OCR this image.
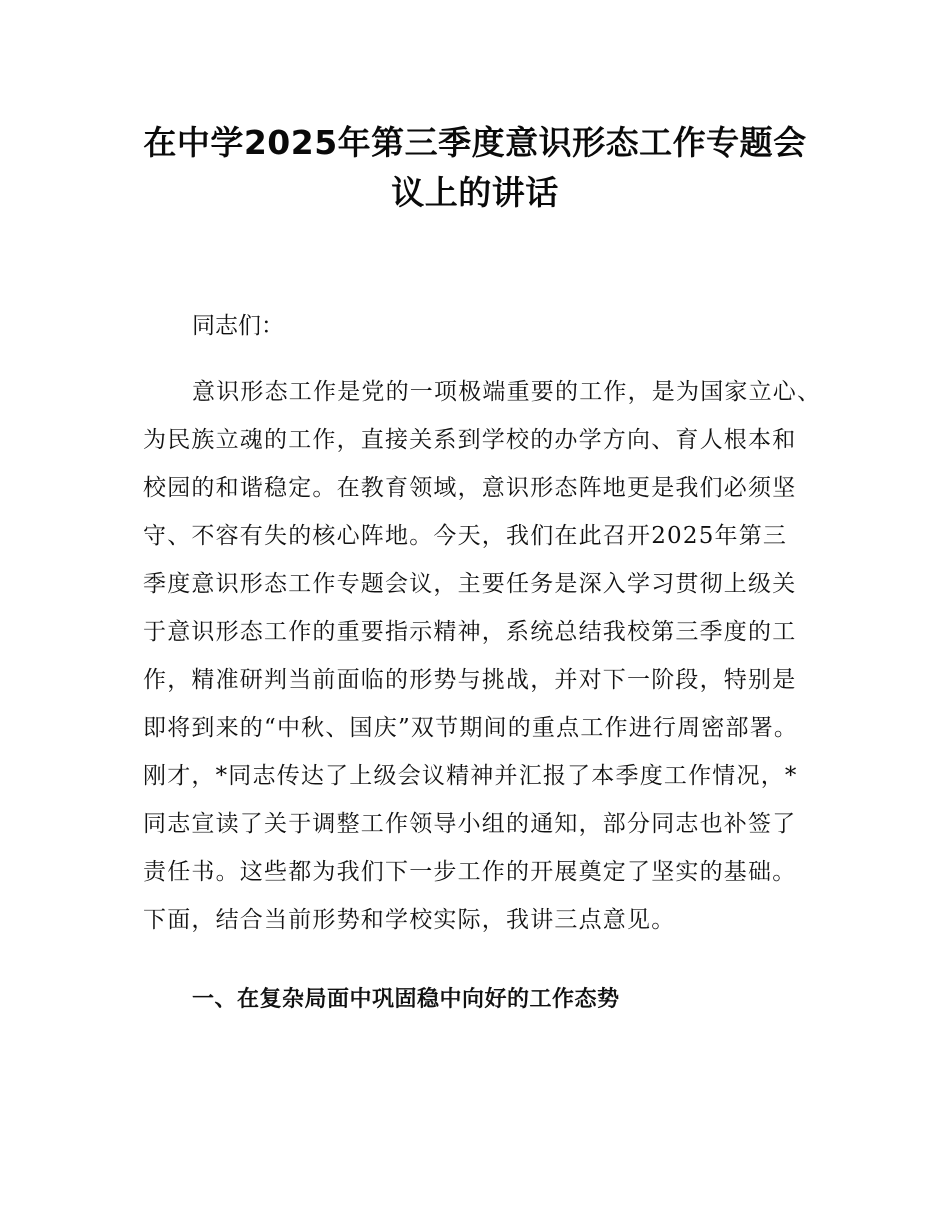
在中学2025年第三季度意识形态工作专题会
议上的讲话
同志们：
意识形态工作是党的一项极端重要的工作，是为国家立心、
为民族立魂的工作，直接关系到学校的办学方向、育人根本和
校园的和谐稳定。在教育领域，意识形态阵地更是我们必须坚
守、不容有失的核心阵地。今天，我们在此召开2025年第三
季度意识形态工作专题会议，主要任务是深入学习贯彻上级关
于意识形态工作的重要指示精神，系统总结我校第三季度的工
作，精准研判当前面临的形势与挑战，并对下一阶段，特别是
即将到来的“中秋、国庆”双节期间的重点工作进行周密部署。
刚才，*同志传达了上级会议精神并汇报了本季度工作情况，*
同志宣读了关于调整工作领导小组的通知，部分同志也补签了
责任书。这些都为我们下一步工作的开展奠定了坚实的基础。
下面，结合当前形势和学校实际，我讲三点意见。
一、在复杂局面中巩固稳中向好的工作态势
